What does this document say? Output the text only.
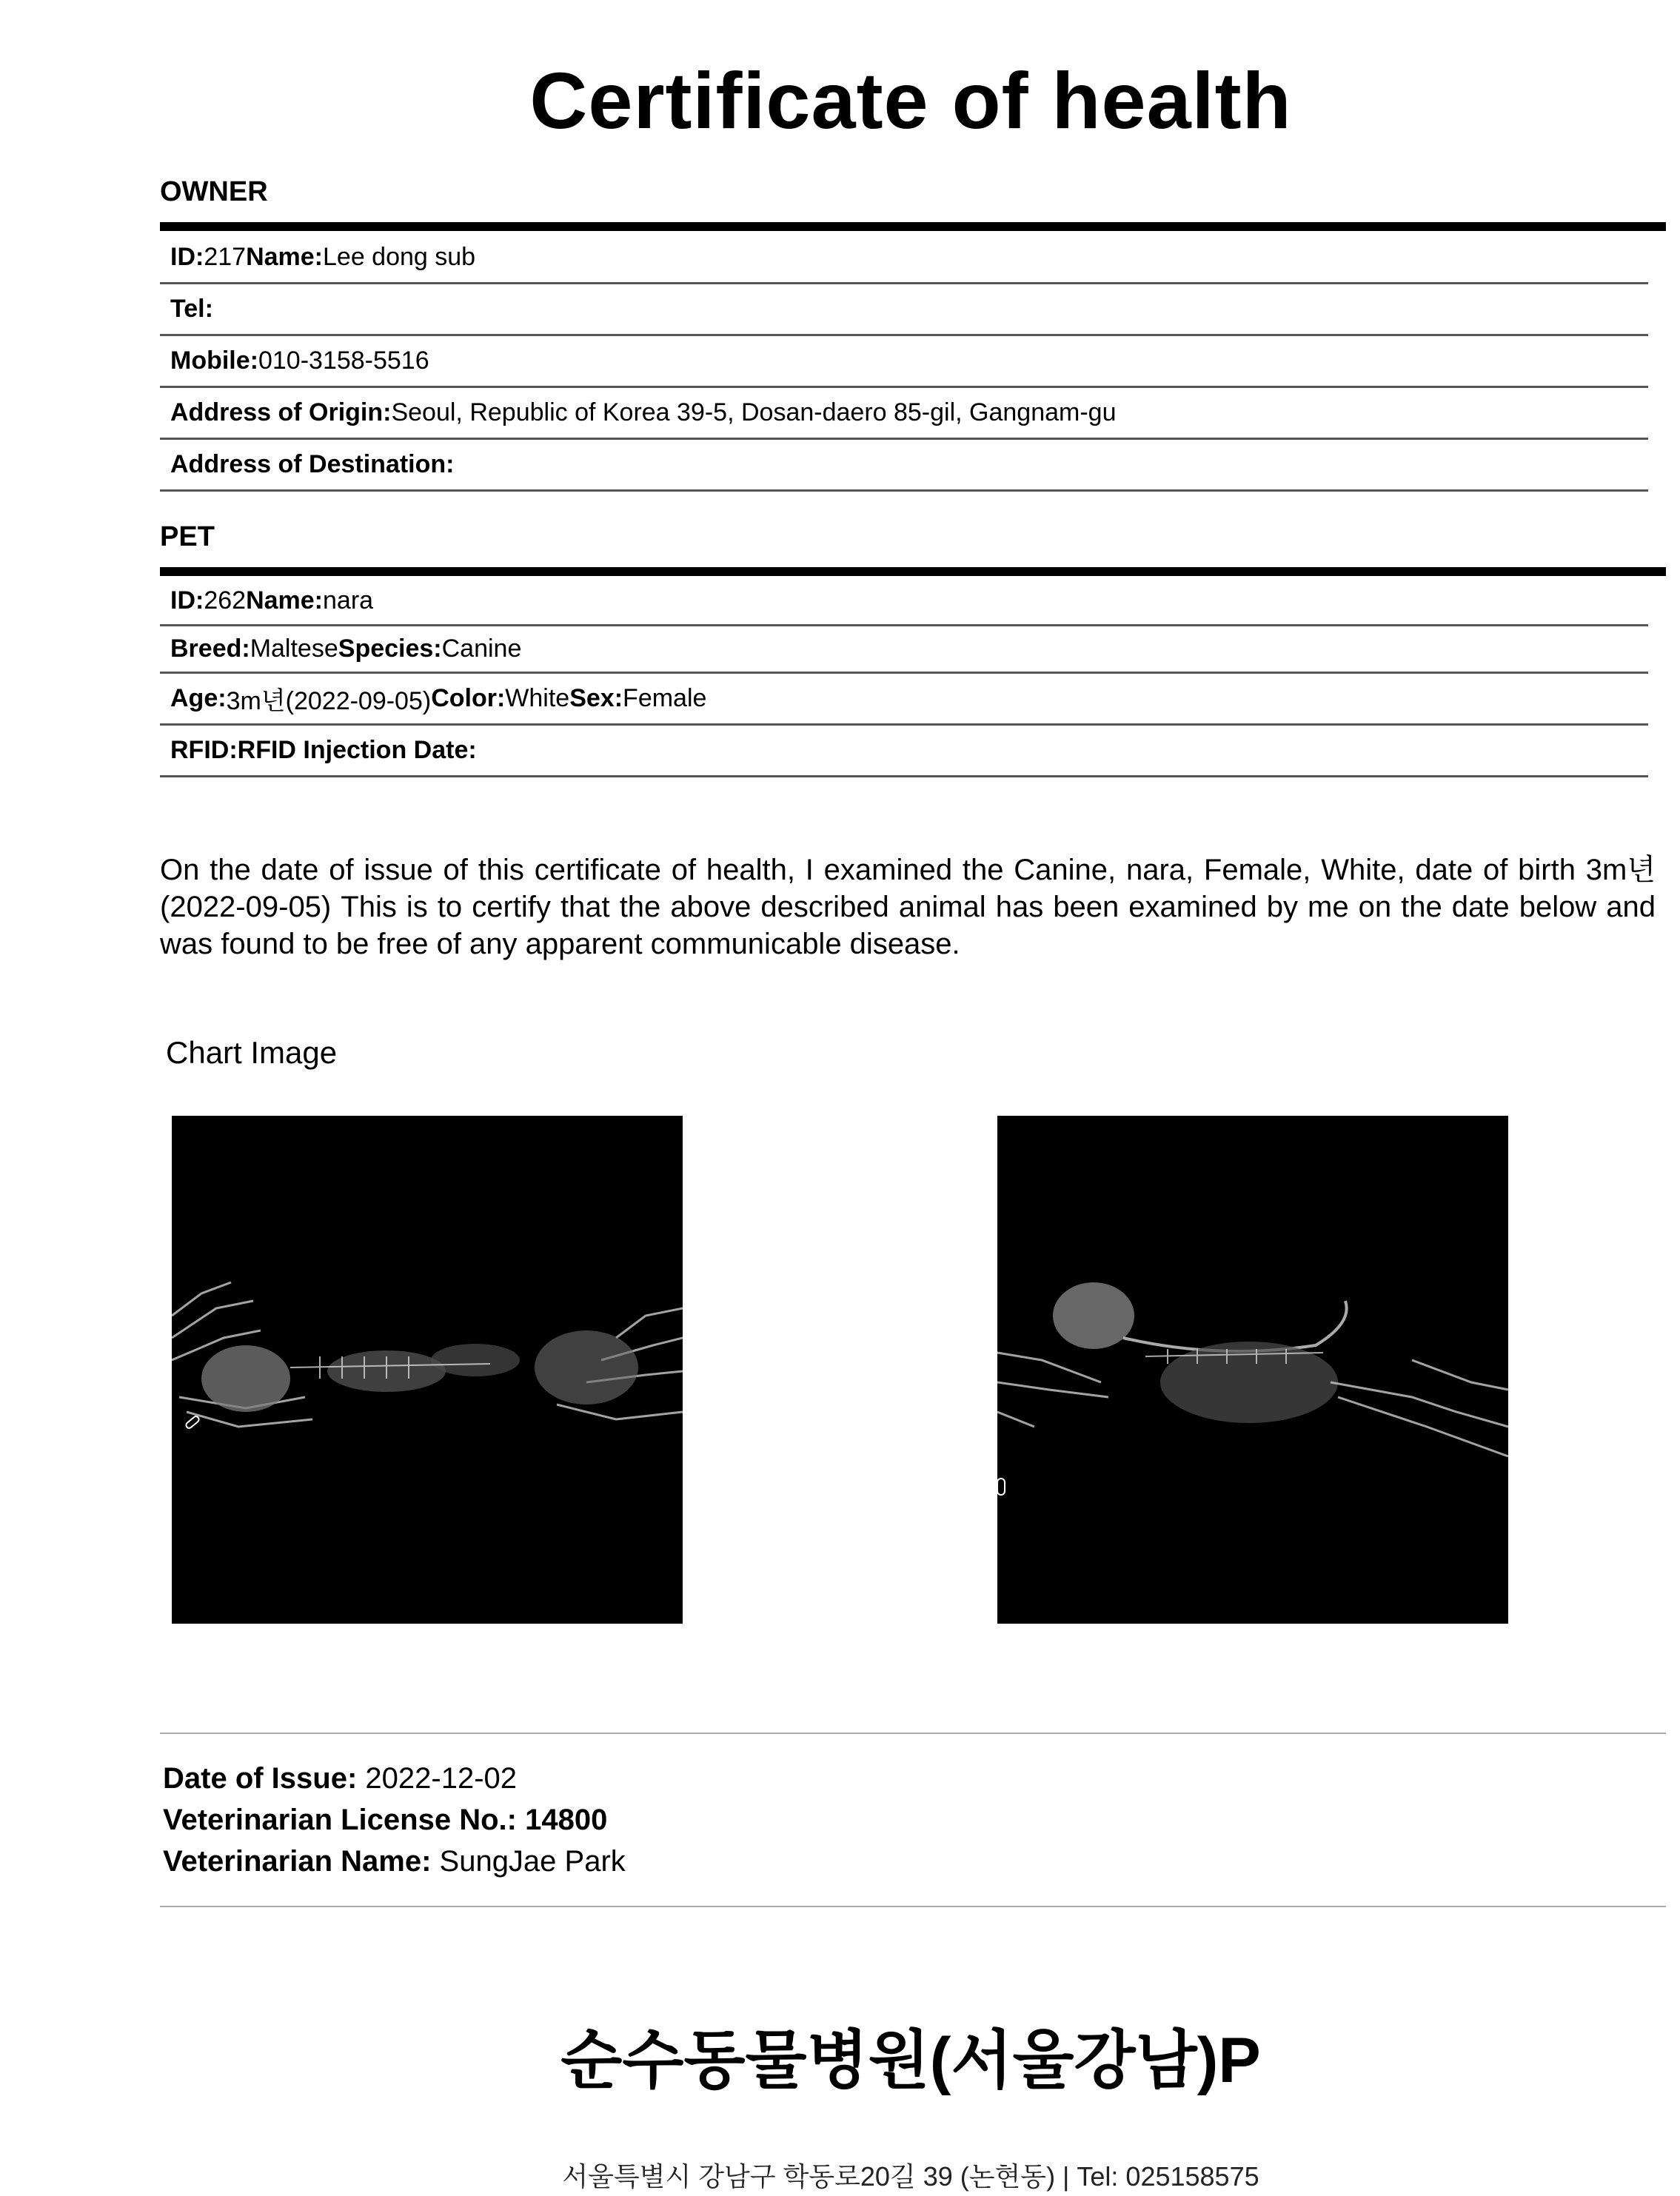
Certificate of health
OWNER
ID: 217 Name: Lee dong sub
Tel:
Mobile: 010-3158-5516
Address of Origin: Seoul, Republic of Korea 39-5, Dosan-daero 85-gil, Gangnam-gu
Address of Destination:
PET
ID: 262 Name: nara
Breed: Maltese Species: Canine
Age: 3m년(2022-09-05) Color: White Sex: Female
RFID: RFID Injection Date:
On the date of issue of this certificate of health, I examined the Canine, nara, Female, White, date of birth 3m년(2022-09-05) This is to certify that the above described animal has been examined by me on the date below and was found to be free of any apparent communicable disease.
Chart Image
Date of Issue: 2022-12-02
Veterinarian License No.: 14800
Veterinarian Name: SungJae Park
순수동물병원(서울강남)P
서울특별시 강남구 학동로20길 39 (논현동) | Tel: 025158575
